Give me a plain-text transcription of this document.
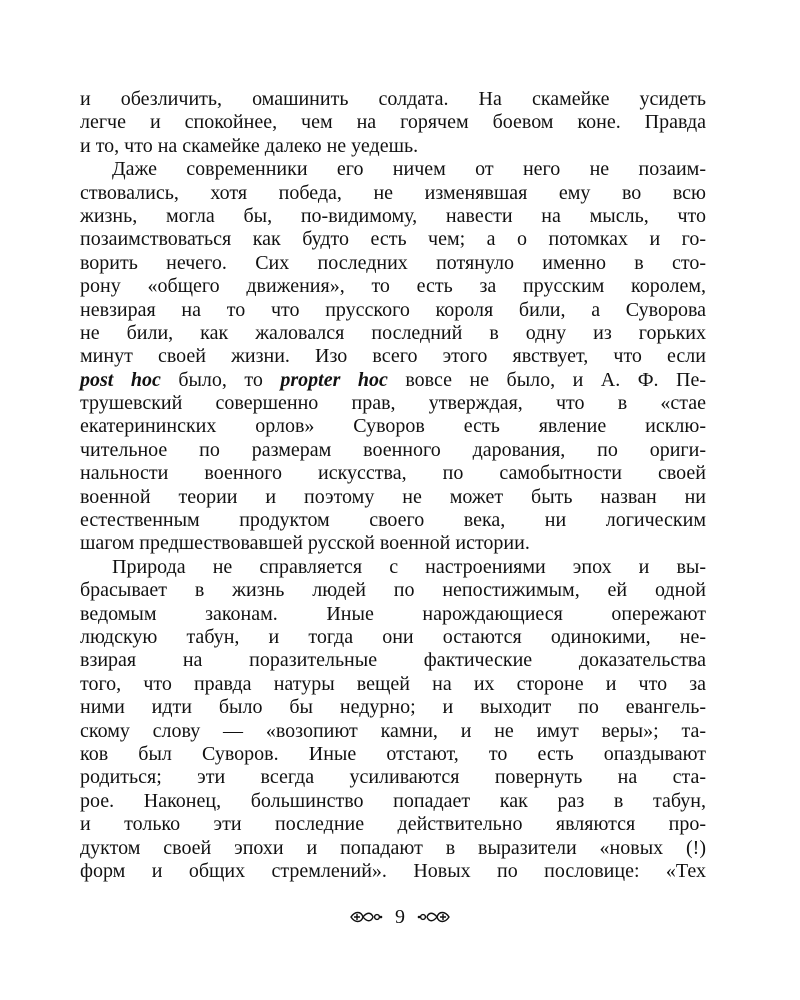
и обезличить, омашинить солдата. На скамейке усидеть
легче и спокойнее, чем на горячем боевом коне. Правда
и то, что на скамейке далеко не уедешь.
Даже современники его ничем от него не позаим-
ствовались, хотя победа, не изменявшая ему во всю
жизнь, могла бы, по-видимому, навести на мысль, что
позаимствоваться как будто есть чем; а о потомках и го-
ворить нечего. Сих последних потянуло именно в сто-
рону «общего движения», то есть за прусским королем,
невзирая на то что прусского короля били, а Суворова
не били, как жаловался последний в одну из горьких
минут своей жизни. Изо всего этого явствует, что если
post hoc было, то propter hoc вовсе не было, и А. Ф. Пе-
трушевский совершенно прав, утверждая, что в «стае
екатерининских орлов» Суворов есть явление исклю-
чительное по размерам военного дарования, по ориги-
нальности военного искусства, по самобытности своей
военной теории и поэтому не может быть назван ни
естественным продуктом своего века, ни логическим
шагом предшествовавшей русской военной истории.
Природа не справляется с настроениями эпох и вы-
брасывает в жизнь людей по непостижимым, ей одной
ведомым законам. Иные нарождающиеся опережают
людскую табун, и тогда они остаются одинокими, не-
взирая на поразительные фактические доказательства
того, что правда натуры вещей на их стороне и что за
ними идти было бы недурно; и выходит по евангель-
скому слову — «возопиют камни, и не имут веры»; та-
ков был Суворов. Иные отстают, то есть опаздывают
родиться; эти всегда усиливаются повернуть на ста-
рое. Наконец, большинство попадает как раз в табун,
и только эти последние действительно являются про-
дуктом своей эпохи и попадают в выразители «новых (!)
форм и общих стремлений». Новых по пословице: «Тех
9
